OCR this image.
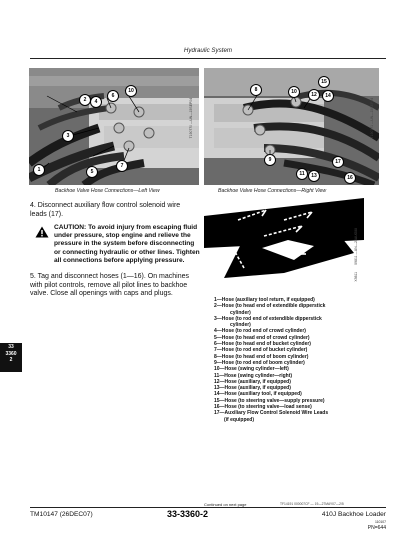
Hydraulic System
10
6
2	4
3
5
7
1
T190770 —UN—15SEP04
15
8	10	12	14
9
11	13
17
16
T190771 —UN—15SEP04
Backhoe Valve Hose Connections—Left View	Backhoe Valve Hose Connections—Right View
4. Disconnect auxiliary flow control solenoid wire leads (17).
CAUTION: To avoid injury from escaping fluid under pressure, stop engine and relieve the pressure in the system before disconnecting or connecting hydraulic or other lines. Tighten all connections before applying pressure.
5. Tag and disconnect hoses (1—16). On machines with pilot controls, remove all pilot lines to backhoe valve. Close all openings with caps and plugs.
X9811 —UN—23AUG88
X9811
1—Hose (auxiliary tool return, if equipped)
2—Hose (to head end of extendible dipperstick
cylinder)
3—Hose (to rod end of extendible dipperstick
cylinder)
4—Hose (to rod end of crowd cylinder)
5—Hose (to head end of crowd cylinder)
6—Hose (to head end of bucket cylinder)
7—Hose (to rod end of bucket cylinder)
8—Hose (to head end of boom cylinder)
9—Hose (to rod end of boom cylinder)
10—Hose (swing cylinder—left)
11—Hose (swing cylinder—right)
12—Hose (auxiliary, if equipped)
13—Hose (auxiliary, if equipped)
14—Hose (auxiliary tool, if equipped)
15—Hose (to steering valve—supply pressure)
16—Hose (to steering valve—load sense)
17—Auxiliary Flow Control Solenoid Wire Leads
(if equipped)
33
3360
2
Continued on next page	TF14191 000007CF — 19—27MAY07—2/5
TM10147 (26DEC07)	33-3360-2	410J Backhoe Loader
110107
PN=644
